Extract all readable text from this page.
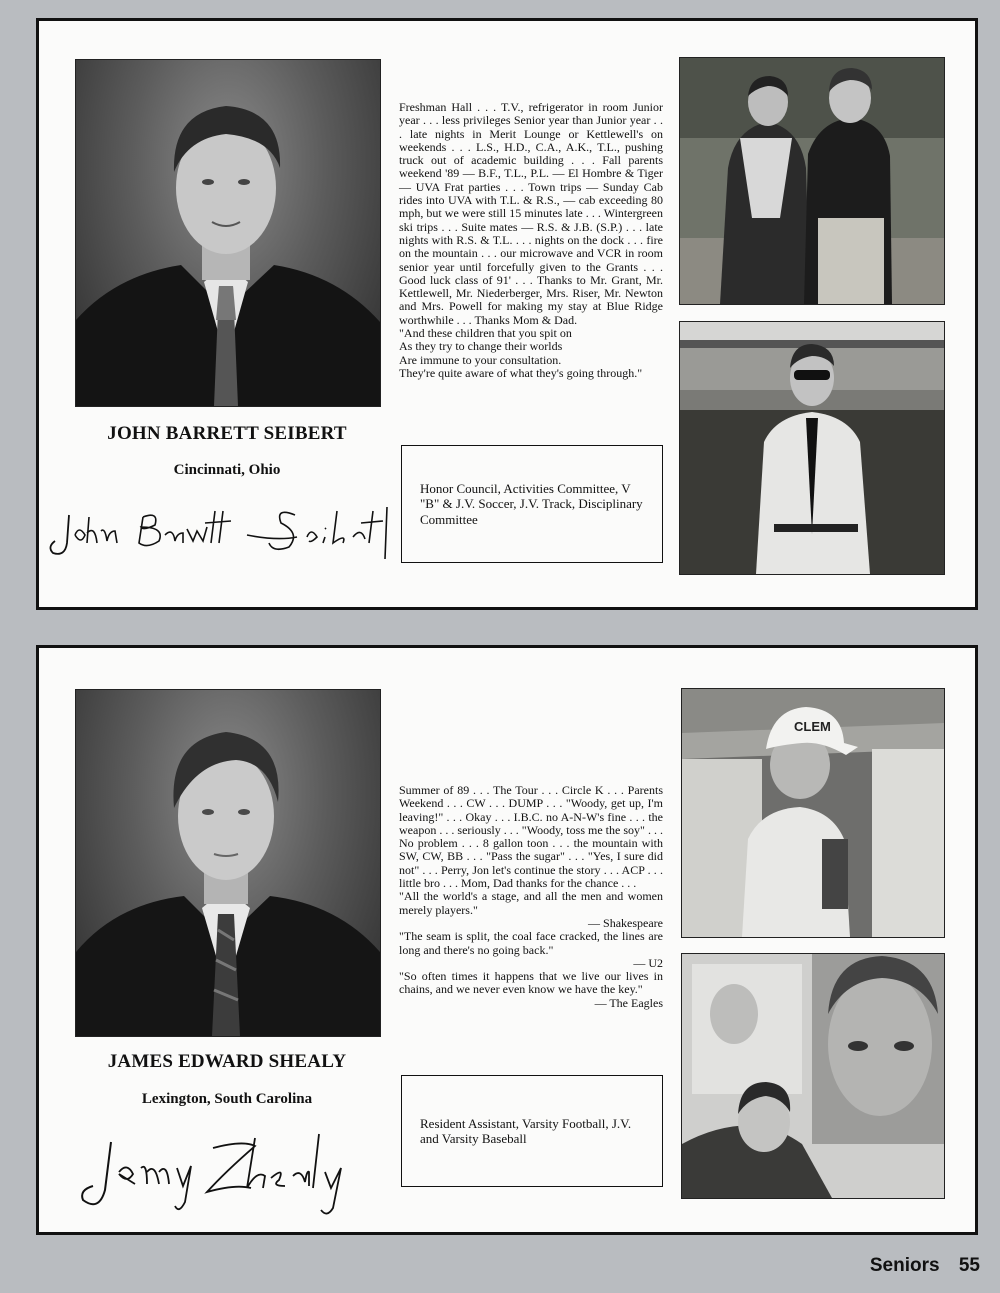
JOHN BARRETT SEIBERT
Cincinnati, Ohio

Freshman Hall . . . T.V., refrigerator in room Junior year . . . less privileges Senior year than Junior year . . . late nights in Merit Lounge or Kettlewell's on weekends . . . L.S., H.D., C.A., A.K., T.L., pushing truck out of academic building . . . Fall parents weekend '89 — B.F., T.L., P.L. — El Hombre & Tiger — UVA Frat parties . . . Town trips — Sunday Cab rides into UVA with T.L. & R.S., — cab exceeding 80 mph, but we were still 15 minutes late . . . Wintergreen ski trips . . . Suite mates — R.S. & J.B. (S.P.) . . . late nights with R.S. & T.L. . . . nights on the dock . . . fire on the mountain . . . our microwave and VCR in room senior year until forcefully given to the Grants . . . Good luck class of 91' . . . Thanks to Mr. Grant, Mr. Kettlewell, Mr. Niederberger, Mrs. Riser, Mr. Newton and Mrs. Powell for making my stay at Blue Ridge worthwhile . . . Thanks Mom & Dad.

"And these children that you spit on

As they try to change their worlds

Are immune to your consultation.

They're quite aware of what they's going through."

Honor Council, Activities Committee, V "B" & J.V. Soccer, J.V. Track, Disciplinary Committee
JAMES EDWARD SHEALY
Lexington, South Carolina

Summer of 89 . . . The Tour . . . Circle K . . . Parents Weekend . . . CW . . . DUMP . . . "Woody, get up, I'm leaving!" . . . Okay . . . I.B.C. no A-N-W's fine . . . the weapon . . . seriously . . . "Woody, toss me the soy" . . . No problem . . . 8 gallon toon . . . the mountain with SW, CW, BB . . . "Pass the sugar" . . . "Yes, I sure did not" . . . Perry, Jon let's continue the story . . . ACP . . . little bro . . . Mom, Dad thanks for the chance . . .

"All the world's a stage, and all the men and women merely players."

— Shakespeare

"The seam is split, the coal face cracked, the lines are long and there's no going back."

— U2

"So often times it happens that we live our lives in chains, and we never even know we have the key."

— The Eagles

Resident Assistant, Varsity Football, J.V. and Varsity Baseball
CLEM
Seniors 55
